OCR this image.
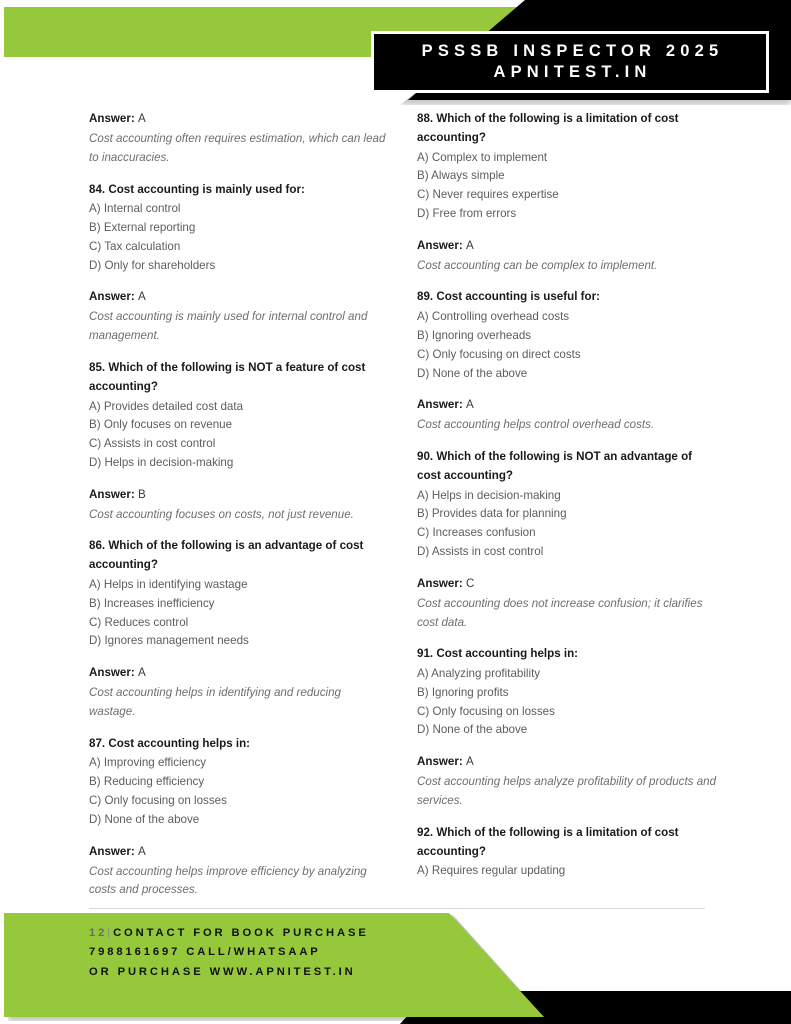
PSSSB INSPECTOR 2025
APNITEST.IN

Answer: A

Cost accounting often requires estimation, which can lead to inaccuracies.

84. Cost accounting is mainly used for:

A) Internal control

B) External reporting

C) Tax calculation

D) Only for shareholders

Answer: A

Cost accounting is mainly used for internal control and management.

85. Which of the following is NOT a feature of cost accounting?

A) Provides detailed cost data

B) Only focuses on revenue

C) Assists in cost control

D) Helps in decision-making

Answer: B

Cost accounting focuses on costs, not just revenue.

86. Which of the following is an advantage of cost accounting?

A) Helps in identifying wastage

B) Increases inefficiency

C) Reduces control

D) Ignores management needs

Answer: A

Cost accounting helps in identifying and reducing wastage.

87. Cost accounting helps in:

A) Improving efficiency

B) Reducing efficiency

C) Only focusing on losses

D) None of the above

Answer: A

Cost accounting helps improve efficiency by analyzing costs and processes.

88. Which of the following is a limitation of cost accounting?

A) Complex to implement

B) Always simple

C) Never requires expertise

D) Free from errors

Answer: A

Cost accounting can be complex to implement.

89. Cost accounting is useful for:

A) Controlling overhead costs

B) Ignoring overheads

C) Only focusing on direct costs

D) None of the above

Answer: A

Cost accounting helps control overhead costs.

90. Which of the following is NOT an advantage of cost accounting?

A) Helps in decision-making

B) Provides data for planning

C) Increases confusion

D) Assists in cost control

Answer: C

Cost accounting does not increase confusion; it clarifies cost data.

91. Cost accounting helps in:

A) Analyzing profitability

B) Ignoring profits

C) Only focusing on losses

D) None of the above

Answer: A

Cost accounting helps analyze profitability of products and services.

92. Which of the following is a limitation of cost accounting?

A) Requires regular updating

12|CONTACT FOR BOOK PURCHASE
7988161697 CALL/WHATSAAP
OR PURCHASE WWW.APNITEST.IN
